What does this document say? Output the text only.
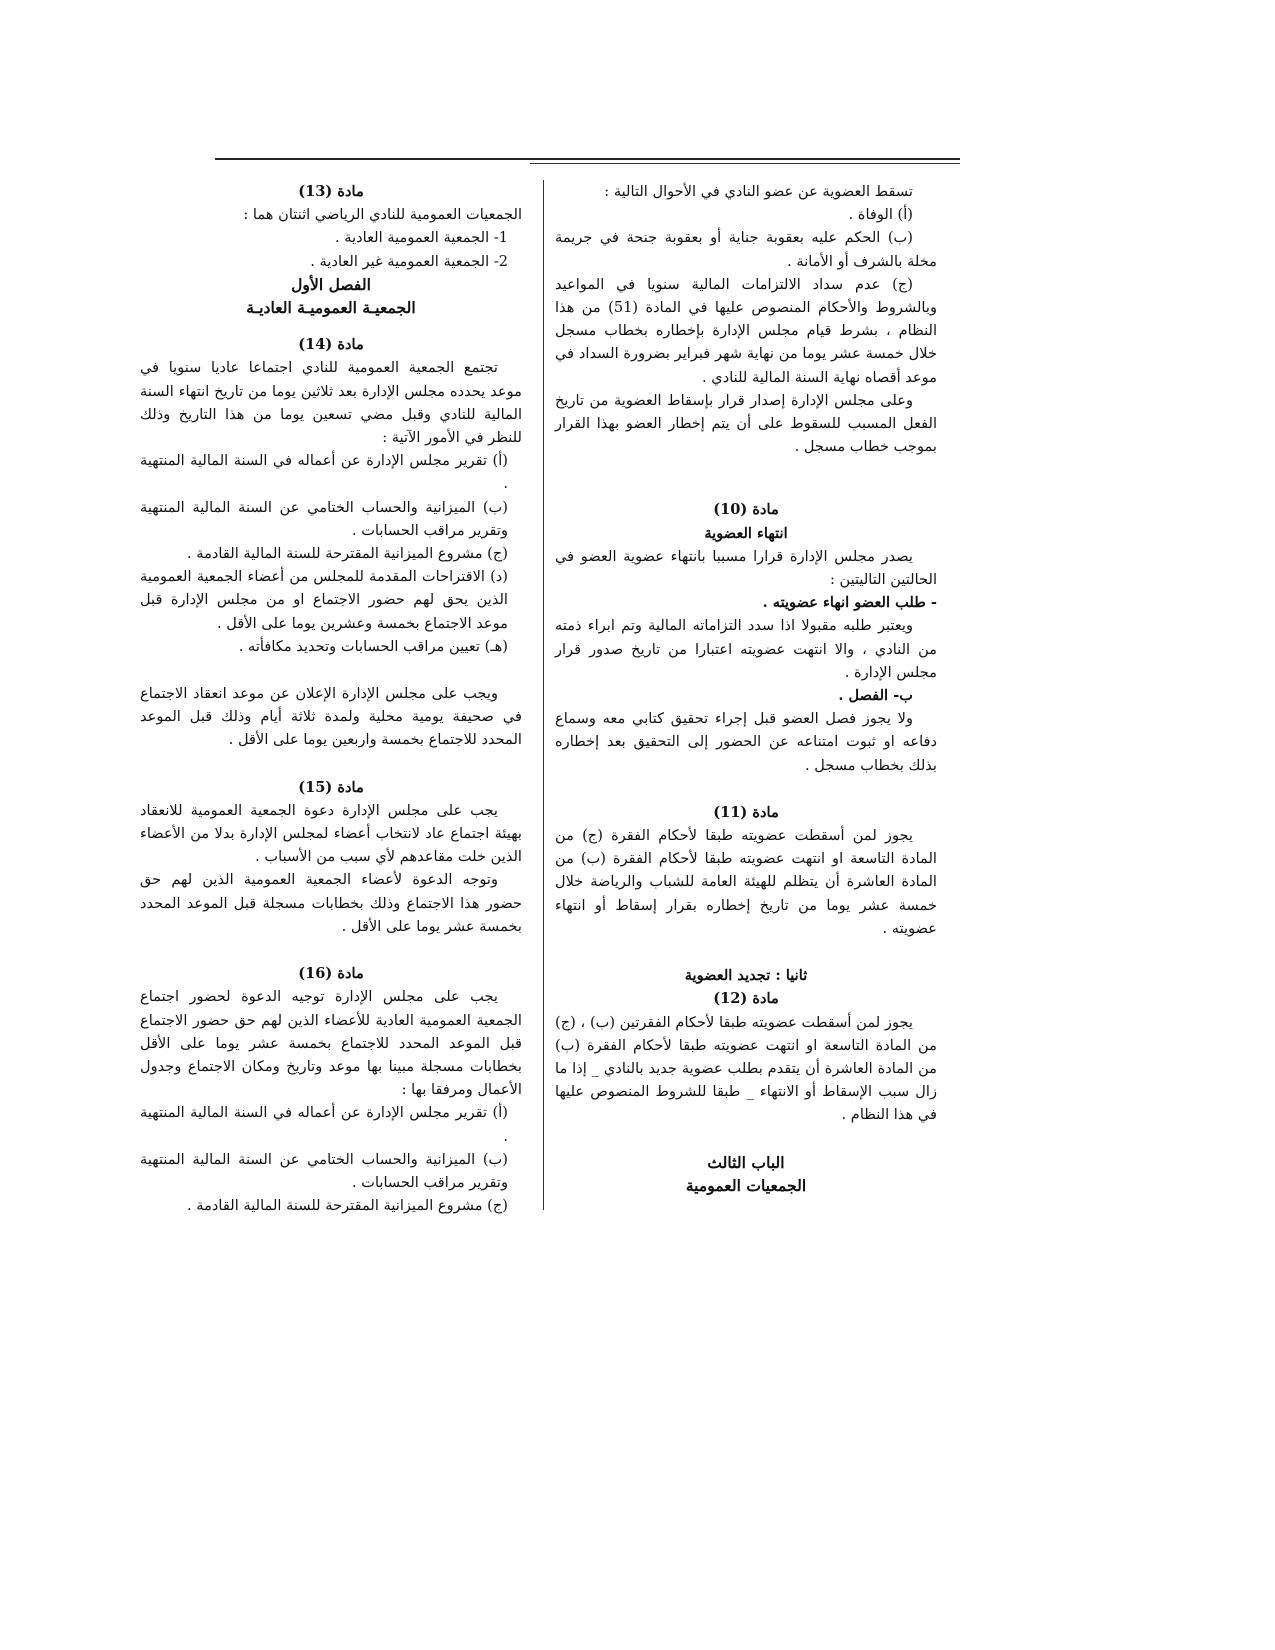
تسقط العضوية عن عضو النادي في الأحوال التالية :

(أ) الوفاة .

(ب) الحكم عليه بعقوبة جناية أو بعقوبة جنحة في جريمة مخلة بالشرف أو الأمانة .

(ج) عدم سداد الالتزامات المالية سنويا في المواعيد وبالشروط والأحكام المنصوص عليها في المادة (51) من هذا النظام ، بشرط قيام مجلس الإدارة بإخطاره بخطاب مسجل خلال خمسة عشر يوما من نهاية شهر فبراير بضرورة السداد في موعد أقصاه نهاية السنة المالية للنادي .

وعلى مجلس الإدارة إصدار قرار بإسقاط العضوية من تاريخ الفعل المسبب للسقوط على أن يتم إخطار العضو بهذا القرار بموجب خطاب مسجل .

مادة (10)
انتهاء العضوية

يصدر مجلس الإدارة قرارا مسببا بانتهاء عضوية العضو في الحالتين التاليتين :

- طلب العضو انهاء عضويته .

ويعتبر طلبه مقبولا اذا سدد التزاماته المالية وتم ابراء ذمته من النادي ، والا انتهت عضويته اعتبارا من تاريخ صدور قرار مجلس الإدارة .

ب- الفصل .

ولا يجوز فصل العضو قبل إجراء تحقيق كتابي معه وسماع دفاعه او ثبوت امتناعه عن الحضور إلى التحقيق بعد إخطاره بذلك بخطاب مسجل .

مادة (11)

يجوز لمن أسقطت عضويته طبقا لأحكام الفقرة (ج) من المادة التاسعة او انتهت عضويته طبقا لأحكام الفقرة (ب) من المادة العاشرة أن يتظلم للهيئة العامة للشباب والرياضة خلال خمسة عشر يوما من تاريخ إخطاره بقرار إسقاط أو انتهاء عضويته .

ثانيا : تجديد العضوية
مادة (12)

يجوز لمن أسقطت عضويته طبقا لأحكام الفقرتين (ب) ، (ج) من المادة التاسعة او انتهت عضويته طبقا لأحكام الفقرة (ب) من المادة العاشرة أن يتقدم بطلب عضوية جديد بالنادي _ إذا ما زال سبب الإسقاط أو الانتهاء _ طبقا للشروط المنصوص عليها في هذا النظام .

الباب الثالث
الجمعيات العمومية
مادة (13)

الجمعيات العمومية للنادي الرياضي اثنتان هما :

1- الجمعية العمومية العادية .

2- الجمعية العمومية غير العادية .

الفصل الأول
الجمعيـة العموميـة العاديـة
مادة (14)

تجتمع الجمعية العمومية للنادي اجتماعا عاديا سنويا في موعد يحدده مجلس الإدارة بعد ثلاثين يوما من تاريخ انتهاء السنة المالية للنادي وقبل مضي تسعين يوما من هذا التاريخ وذلك للنظر في الأمور الآتية :

(أ) تقرير مجلس الإدارة عن أعماله في السنة المالية المنتهية .

(ب) الميزانية والحساب الختامي عن السنة المالية المنتهية وتقرير مراقب الحسابات .

(ج) مشروع الميزانية المقترحة للسنة المالية القادمة .

(د) الاقتراحات المقدمة للمجلس من أعضاء الجمعية العمومية الذين يحق لهم حضور الاجتماع او من مجلس الإدارة قبل موعد الاجتماع بخمسة وعشرين يوما على الأقل .

(هـ) تعيين مراقب الحسابات وتحديد مكافأته .

ويجب على مجلس الإدارة الإعلان عن موعد انعقاد الاجتماع في صحيفة يومية محلية ولمدة ثلاثة أيام وذلك قبل الموعد المحدد للاجتماع بخمسة واربعين يوما على الأقل .

مادة (15)

يجب على مجلس الإدارة دعوة الجمعية العمومية للانعقاد بهيئة اجتماع عاد لانتخاب أعضاء لمجلس الإدارة بدلا من الأعضاء الذين خلت مقاعدهم لأي سبب من الأسباب .

وتوجه الدعوة لأعضاء الجمعية العمومية الذين لهم حق حضور هذا الاجتماع وذلك بخطابات مسجلة قبل الموعد المحدد بخمسة عشر يوما على الأقل .

مادة (16)

يجب على مجلس الإدارة توجيه الدعوة لحضور اجتماع الجمعية العمومية العادية للأعضاء الذين لهم حق حضور الاجتماع قبل الموعد المحدد للاجتماع بخمسة عشر يوما على الأقل بخطابات مسجلة مبينا بها موعد وتاريخ ومكان الاجتماع وجدول الأعمال ومرفقا بها :

(أ) تقرير مجلس الإدارة عن أعماله في السنة المالية المنتهية .

(ب) الميزانية والحساب الختامي عن السنة المالية المنتهية وتقرير مراقب الحسابات .

(ج) مشروع الميزانية المقترحة للسنة المالية القادمة .
